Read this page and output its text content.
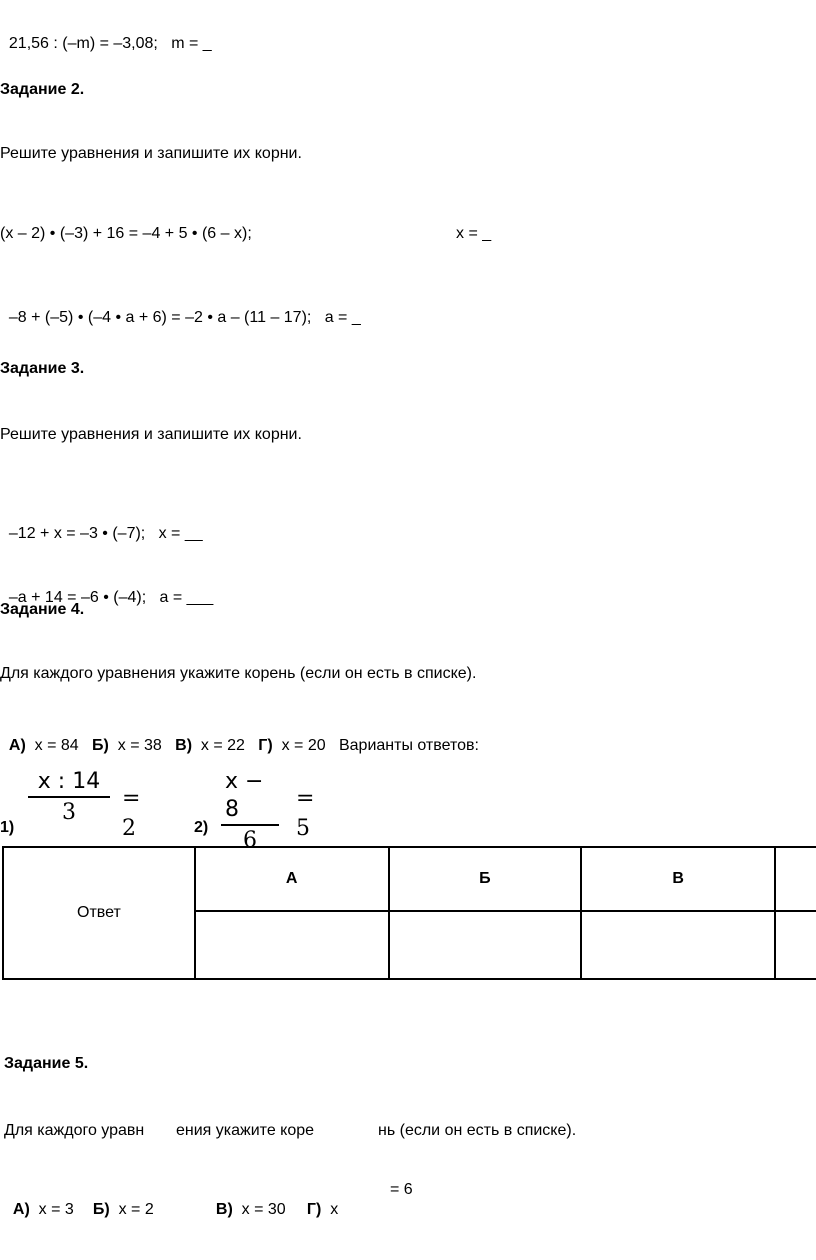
21,56 : (–m) = –3,08; m = _

Задание 2.
Решите уравнения и запишите их корни.
(x – 2) • (–3) + 16 = –4 + 5 • (6 – x);	x = _

–8 + (–5) • (–4 • a + 6) = –2 • a – (11 – 17); a = _

Задание 3.
Решите уравнения и запишите их корни.

–12 + x = –3 • (–7); x = __

–a + 14 = –6 • (–4); a = ___

Задание 4.
Для каждого уравнения укажите корень (если он есть в списке).

А) x = 84 Б) x = 38 В) x = 22 Г) x = 20 Варианты ответов:

x : 14
3
= 2
1)
x − 8
6
= 5
2)
Ответ	А	Б	В	

Задание 5.
Для каждого уравн ения укажите коре	нь (если он есть в списке).

А) x = 3	Б) x = 2	В) x = 30	Г) x

= 6
